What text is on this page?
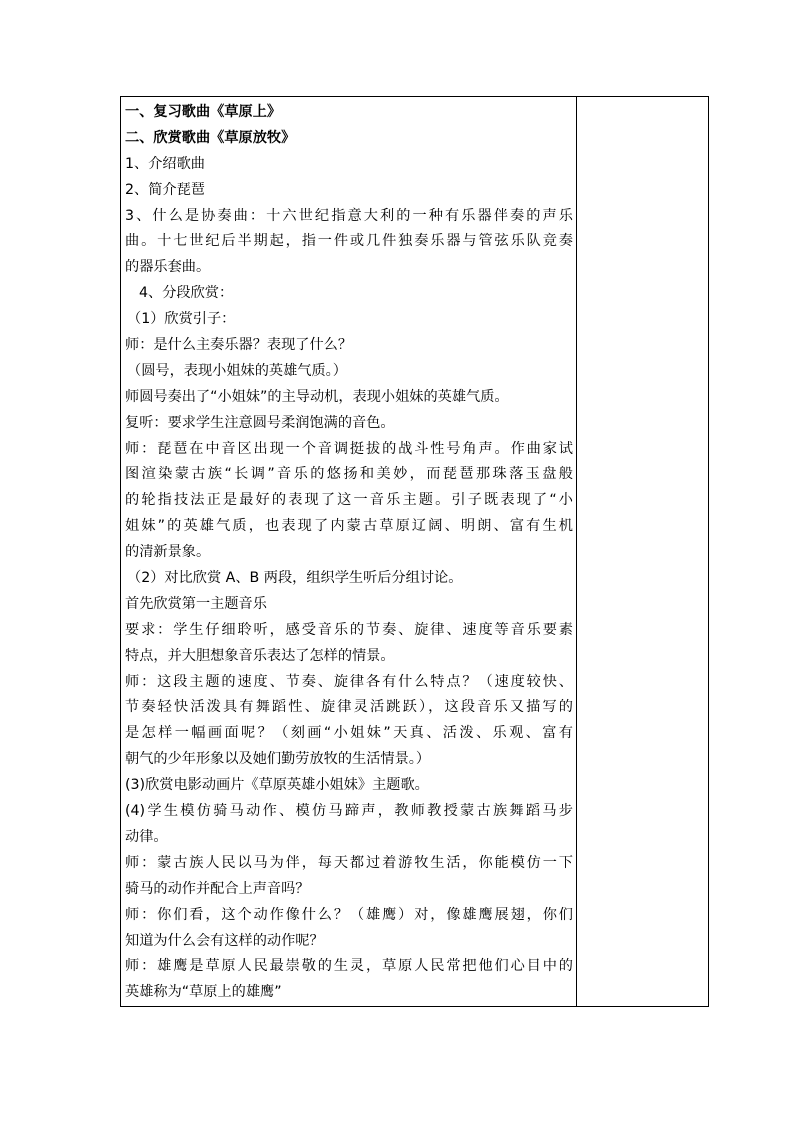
一、复习歌曲《草原上》
二、欣赏歌曲《草原放牧》
1、介绍歌曲
2、简介琵琶
3、什么是协奏曲：十六世纪指意大利的一种有乐器伴奏的声乐
曲。十七世纪后半期起，指一件或几件独奏乐器与管弦乐队竞奏
的器乐套曲。
4、分段欣赏：
（1）欣赏引子：
师：是什么主奏乐器？表现了什么？
（圆号，表现小姐妹的英雄气质。）
师圆号奏出了“小姐妹”的主导动机，表现小姐妹的英雄气质。
复听：要求学生注意圆号柔润饱满的音色。
师：琵琶在中音区出现一个音调挺拔的战斗性号角声。作曲家试
图渲染蒙古族“长调”音乐的悠扬和美妙，而琵琶那珠落玉盘般
的轮指技法正是最好的表现了这一音乐主题。引子既表现了“小
姐妹”的英雄气质，也表现了内蒙古草原辽阔、明朗、富有生机
的清新景象。
（2）对比欣赏 A、B 两段，组织学生听后分组讨论。
首先欣赏第一主题音乐
要求：学生仔细聆听，感受音乐的节奏、旋律、速度等音乐要素
特点，并大胆想象音乐表达了怎样的情景。
师：这段主题的速度、节奏、旋律各有什么特点？（速度较快、
节奏轻快活泼具有舞蹈性、旋律灵活跳跃），这段音乐又描写的
是怎样一幅画面呢？（刻画“小姐妹”天真、活泼、乐观、富有
朝气的少年形象以及她们勤劳放牧的生活情景。）
(3)欣赏电影动画片《草原英雄小姐妹》主题歌。
(4)学生模仿骑马动作、模仿马蹄声，教师教授蒙古族舞蹈马步
动律。
师：蒙古族人民以马为伴，每天都过着游牧生活，你能模仿一下
骑马的动作并配合上声音吗？
师：你们看，这个动作像什么？（雄鹰）对，像雄鹰展翅，你们
知道为什么会有这样的动作呢？
师：雄鹰是草原人民最崇敬的生灵，草原人民常把他们心目中的
英雄称为“草原上的雄鹰”
